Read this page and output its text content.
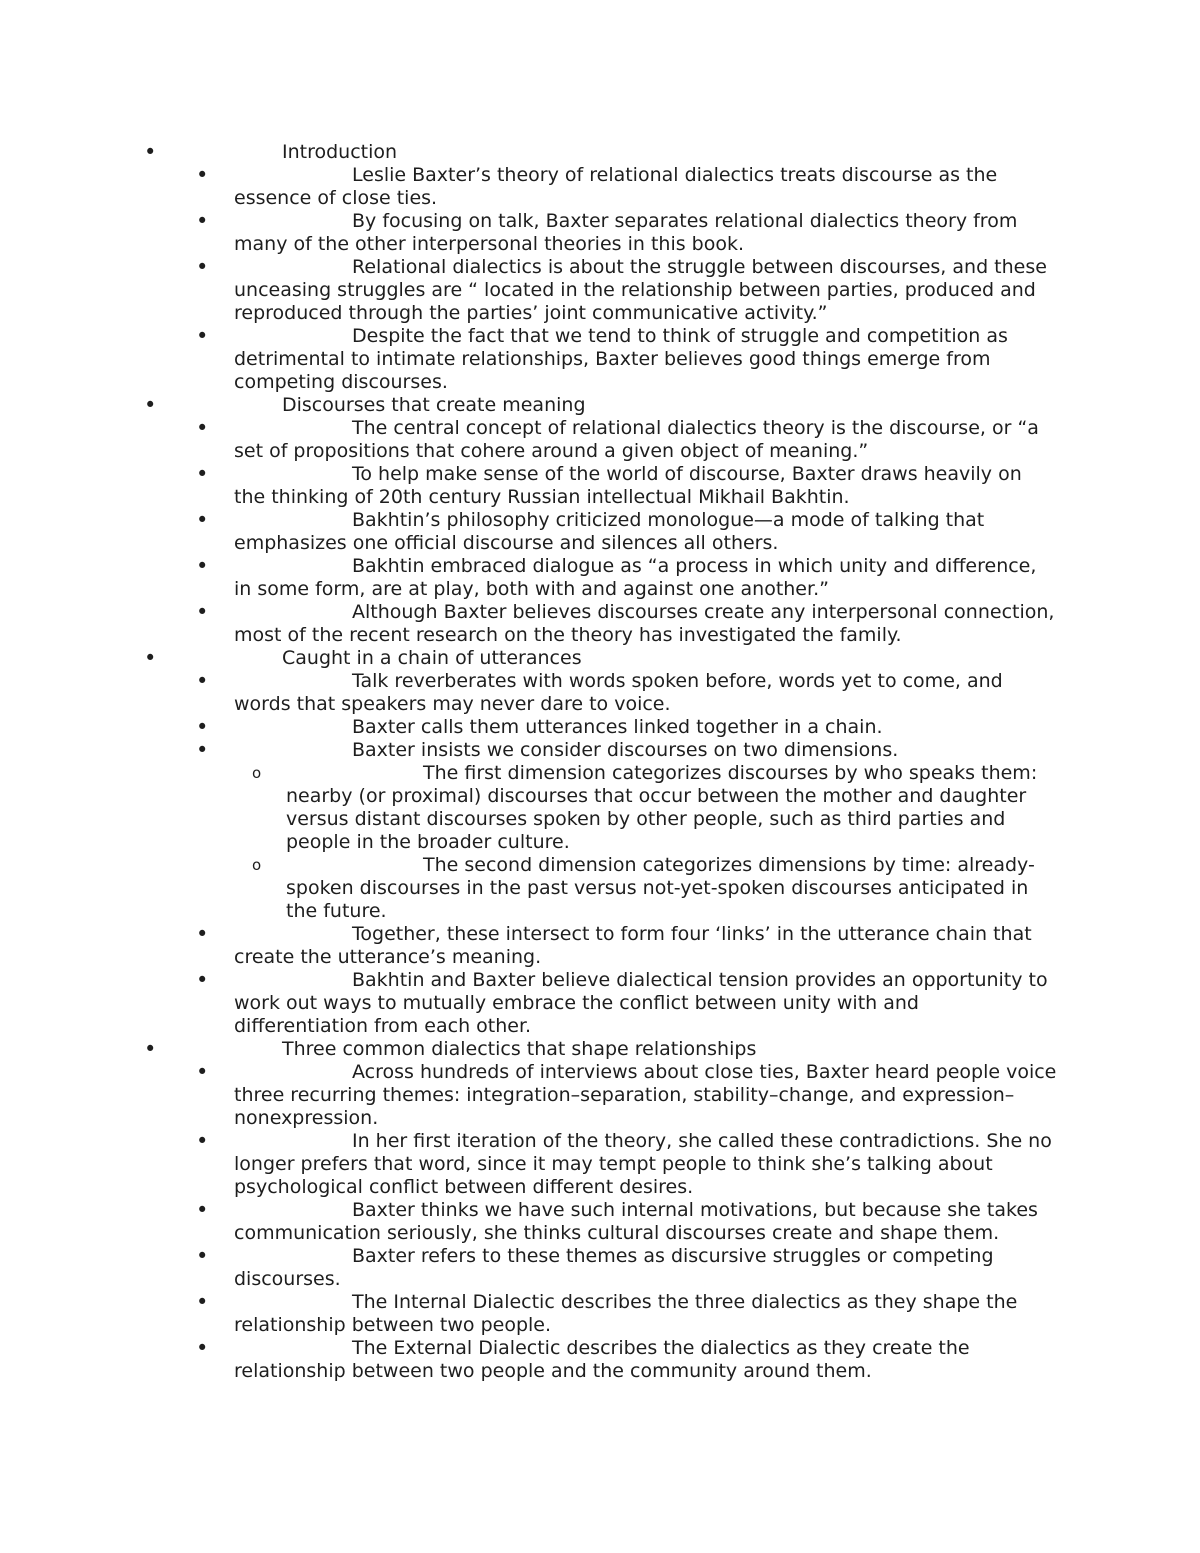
• Introduction
• Leslie Baxter’s theory of relational dialectics treats discourse as the essence of close ties.
• By focusing on talk, Baxter separates relational dialectics theory from many of the other interpersonal theories in this book.
• Relational dialectics is about the struggle between discourses, and these unceasing struggles are “ located in the relationship between parties, produced and reproduced through the parties’ joint communicative activity.”
• Despite the fact that we tend to think of struggle and competition as detrimental to intimate relationships, Baxter believes good things emerge from competing discourses.
• Discourses that create meaning
• The central concept of relational dialectics theory is the discourse, or “a set of propositions that cohere around a given object of meaning.”
• To help make sense of the world of discourse, Baxter draws heavily on the thinking of 20th century Russian intellectual Mikhail Bakhtin.
• Bakhtin’s philosophy criticized monologue—a mode of talking that emphasizes one official discourse and silences all others.
• Bakhtin embraced dialogue as “a process in which unity and difference, in some form, are at play, both with and against one another.”
• Although Baxter believes discourses create any interpersonal connection, most of the recent research on the theory has investigated the family.
• Caught in a chain of utterances
• Talk reverberates with words spoken before, words yet to come, and words that speakers may never dare to voice.
• Baxter calls them utterances linked together in a chain.
• Baxter insists we consider discourses on two dimensions.
o The first dimension categorizes discourses by who speaks them: nearby (or proximal) discourses that occur between the mother and daughter versus distant discourses spoken by other people, such as third parties and people in the broader culture.
o The second dimension categorizes dimensions by time: already-spoken discourses in the past versus not-yet-spoken discourses anticipated in the future.
• Together, these intersect to form four ‘links’ in the utterance chain that create the utterance’s meaning.
• Bakhtin and Baxter believe dialectical tension provides an opportunity to work out ways to mutually embrace the conflict between unity with and differentiation from each other.
• Three common dialectics that shape relationships
• Across hundreds of interviews about close ties, Baxter heard people voice three recurring themes: integration–separation, stability–change, and expression–nonexpression.
• In her first iteration of the theory, she called these contradictions. She no longer prefers that word, since it may tempt people to think she’s talking about psychological conflict between different desires.
• Baxter thinks we have such internal motivations, but because she takes communication seriously, she thinks cultural discourses create and shape them.
• Baxter refers to these themes as discursive struggles or competing discourses.
• The Internal Dialectic describes the three dialectics as they shape the relationship between two people.
• The External Dialectic describes the dialectics as they create the relationship between two people and the community around them.
